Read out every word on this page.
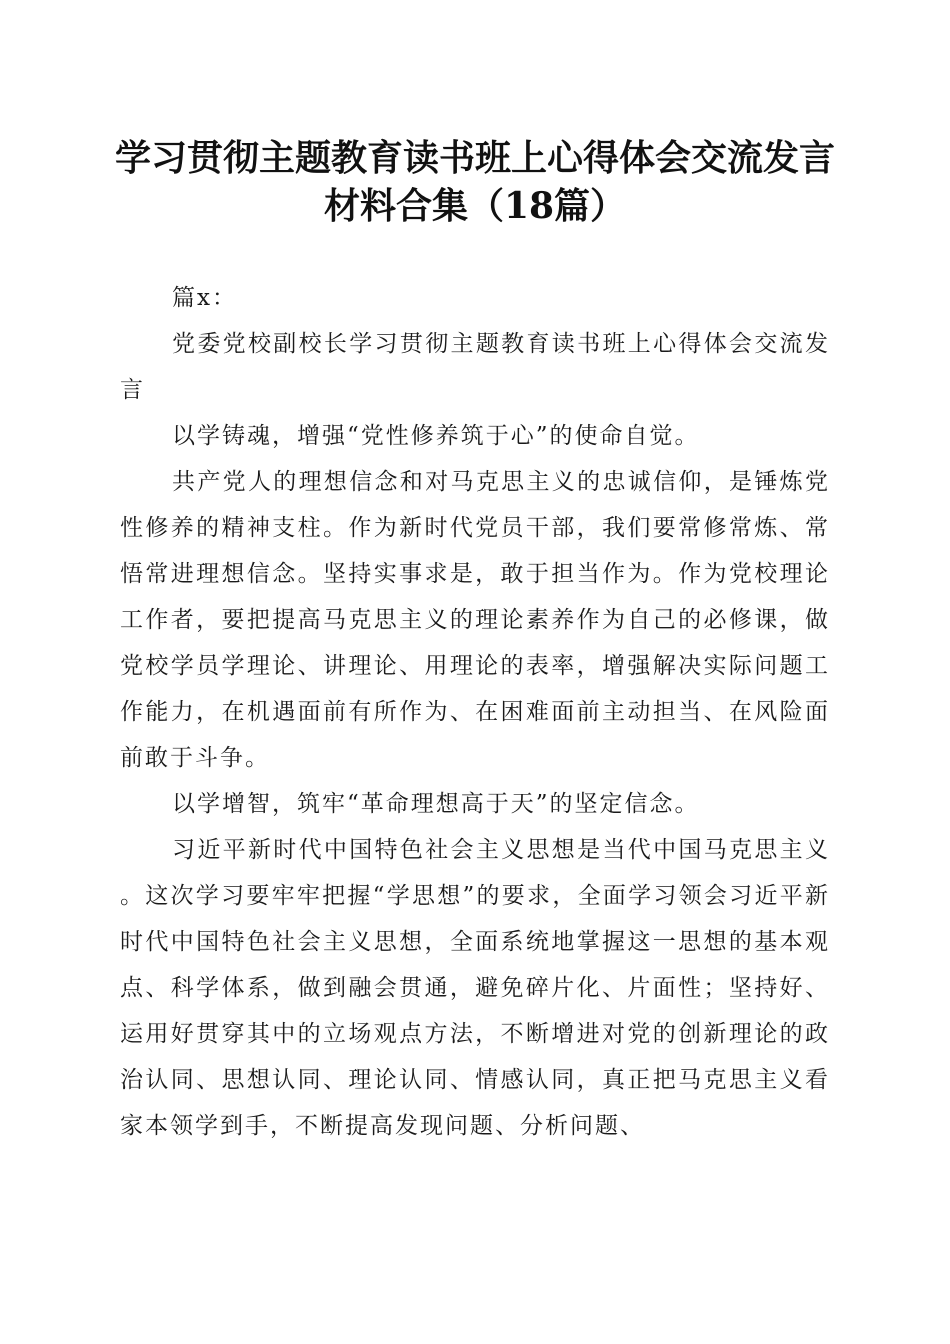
学习贯彻主题教育读书班上心得体会交流发言
材料合集（18篇）

篇x：

党委党校副校长学习贯彻主题教育读书班上心得体会交流发言

以学铸魂，增强“党性修养筑于心”的使命自觉。

共产党人的理想信念和对马克思主义的忠诚信仰，是锤炼党性修养的精神支柱。作为新时代党员干部，我们要常修常炼、常悟常进理想信念。坚持实事求是，敢于担当作为。作为党校理论工作者，要把提高马克思主义的理论素养作为自己的必修课，做党校学员学理论、讲理论、用理论的表率，增强解决实际问题工作能力，在机遇面前有所作为、在困难面前主动担当、在风险面前敢于斗争。

以学增智，筑牢“革命理想高于天”的坚定信念。

习近平新时代中国特色社会主义思想是当代中国马克思主义。这次学习要牢牢把握“学思想”的要求，全面学习领会习近平新时代中国特色社会主义思想，全面系统地掌握这一思想的基本观点、科学体系，做到融会贯通，避免碎片化、片面性；坚持好、运用好贯穿其中的立场观点方法，不断增进对党的创新理论的政治认同、思想认同、理论认同、情感认同，真正把马克思主义看家本领学到手，不断提高发现问题、分析问题、
